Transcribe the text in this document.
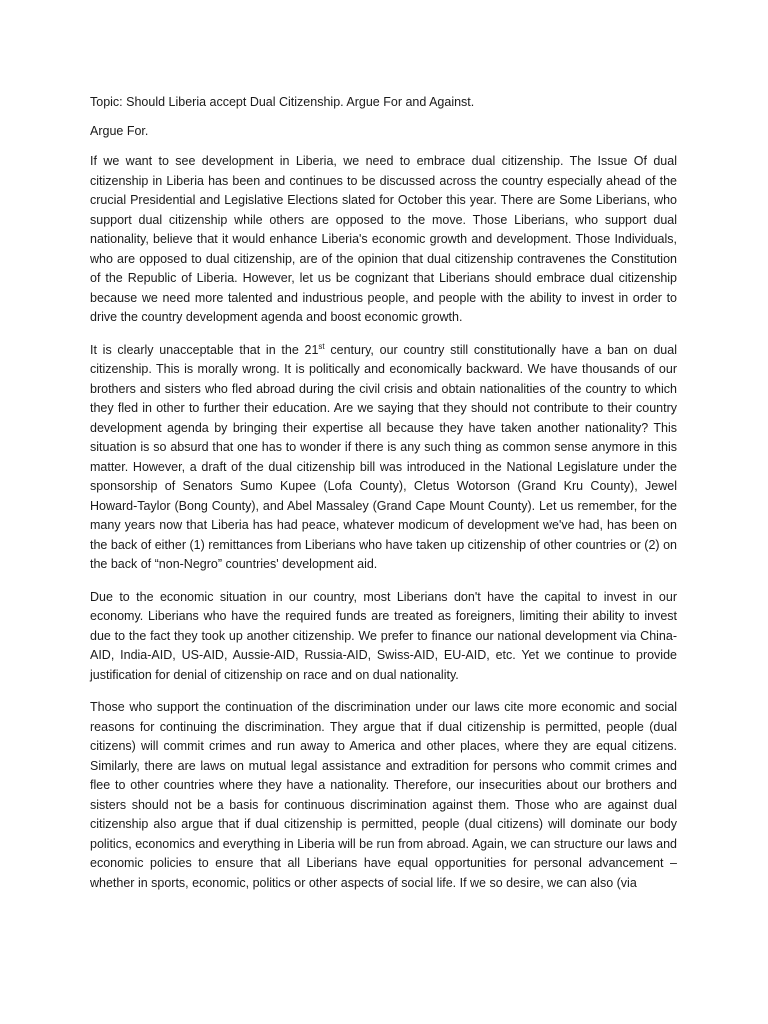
Topic: Should Liberia accept Dual Citizenship. Argue For and Against.
Argue For.

If we want to see development in Liberia, we need to embrace dual citizenship. The Issue Of dual citizenship in Liberia has been and continues to be discussed across the country especially ahead of the crucial Presidential and Legislative Elections slated for October this year. There are Some Liberians, who support dual citizenship while others are opposed to the move. Those Liberians, who support dual nationality, believe that it would enhance Liberia's economic growth and development. Those Individuals, who are opposed to dual citizenship, are of the opinion that dual citizenship contravenes the Constitution of the Republic of Liberia. However, let us be cognizant that Liberians should embrace dual citizenship because we need more talented and industrious people, and people with the ability to invest in order to drive the country development agenda and boost economic growth.

It is clearly unacceptable that in the 21st century, our country still constitutionally have a ban on dual citizenship. This is morally wrong. It is politically and economically backward. We have thousands of our brothers and sisters who fled abroad during the civil crisis and obtain nationalities of the country to which they fled in other to further their education. Are we saying that they should not contribute to their country development agenda by bringing their expertise all because they have taken another nationality? This situation is so absurd that one has to wonder if there is any such thing as common sense anymore in this matter. However, a draft of the dual citizenship bill was introduced in the National Legislature under the sponsorship of Senators Sumo Kupee (Lofa County), Cletus Wotorson (Grand Kru County), Jewel Howard-Taylor (Bong County), and Abel Massaley (Grand Cape Mount County). Let us remember, for the many years now that Liberia has had peace, whatever modicum of development we've had, has been on the back of either (1) remittances from Liberians who have taken up citizenship of other countries or (2) on the back of “non-Negro” countries' development aid.

Due to the economic situation in our country, most Liberians don't have the capital to invest in our economy. Liberians who have the required funds are treated as foreigners, limiting their ability to invest due to the fact they took up another citizenship. We prefer to finance our national development via China-AID, India-AID, US-AID, Aussie-AID, Russia-AID, Swiss-AID, EU-AID, etc. Yet we continue to provide justification for denial of citizenship on race and on dual nationality.

Those who support the continuation of the discrimination under our laws cite more economic and social reasons for continuing the discrimination. They argue that if dual citizenship is permitted, people (dual citizens) will commit crimes and run away to America and other places, where they are equal citizens. Similarly, there are laws on mutual legal assistance and extradition for persons who commit crimes and flee to other countries where they have a nationality. Therefore, our insecurities about our brothers and sisters should not be a basis for continuous discrimination against them. Those who are against dual citizenship also argue that if dual citizenship is permitted, people (dual citizens) will dominate our body politics, economics and everything in Liberia will be run from abroad. Again, we can structure our laws and economic policies to ensure that all Liberians have equal opportunities for personal advancement – whether in sports, economic, politics or other aspects of social life. If we so desire, we can also (via
